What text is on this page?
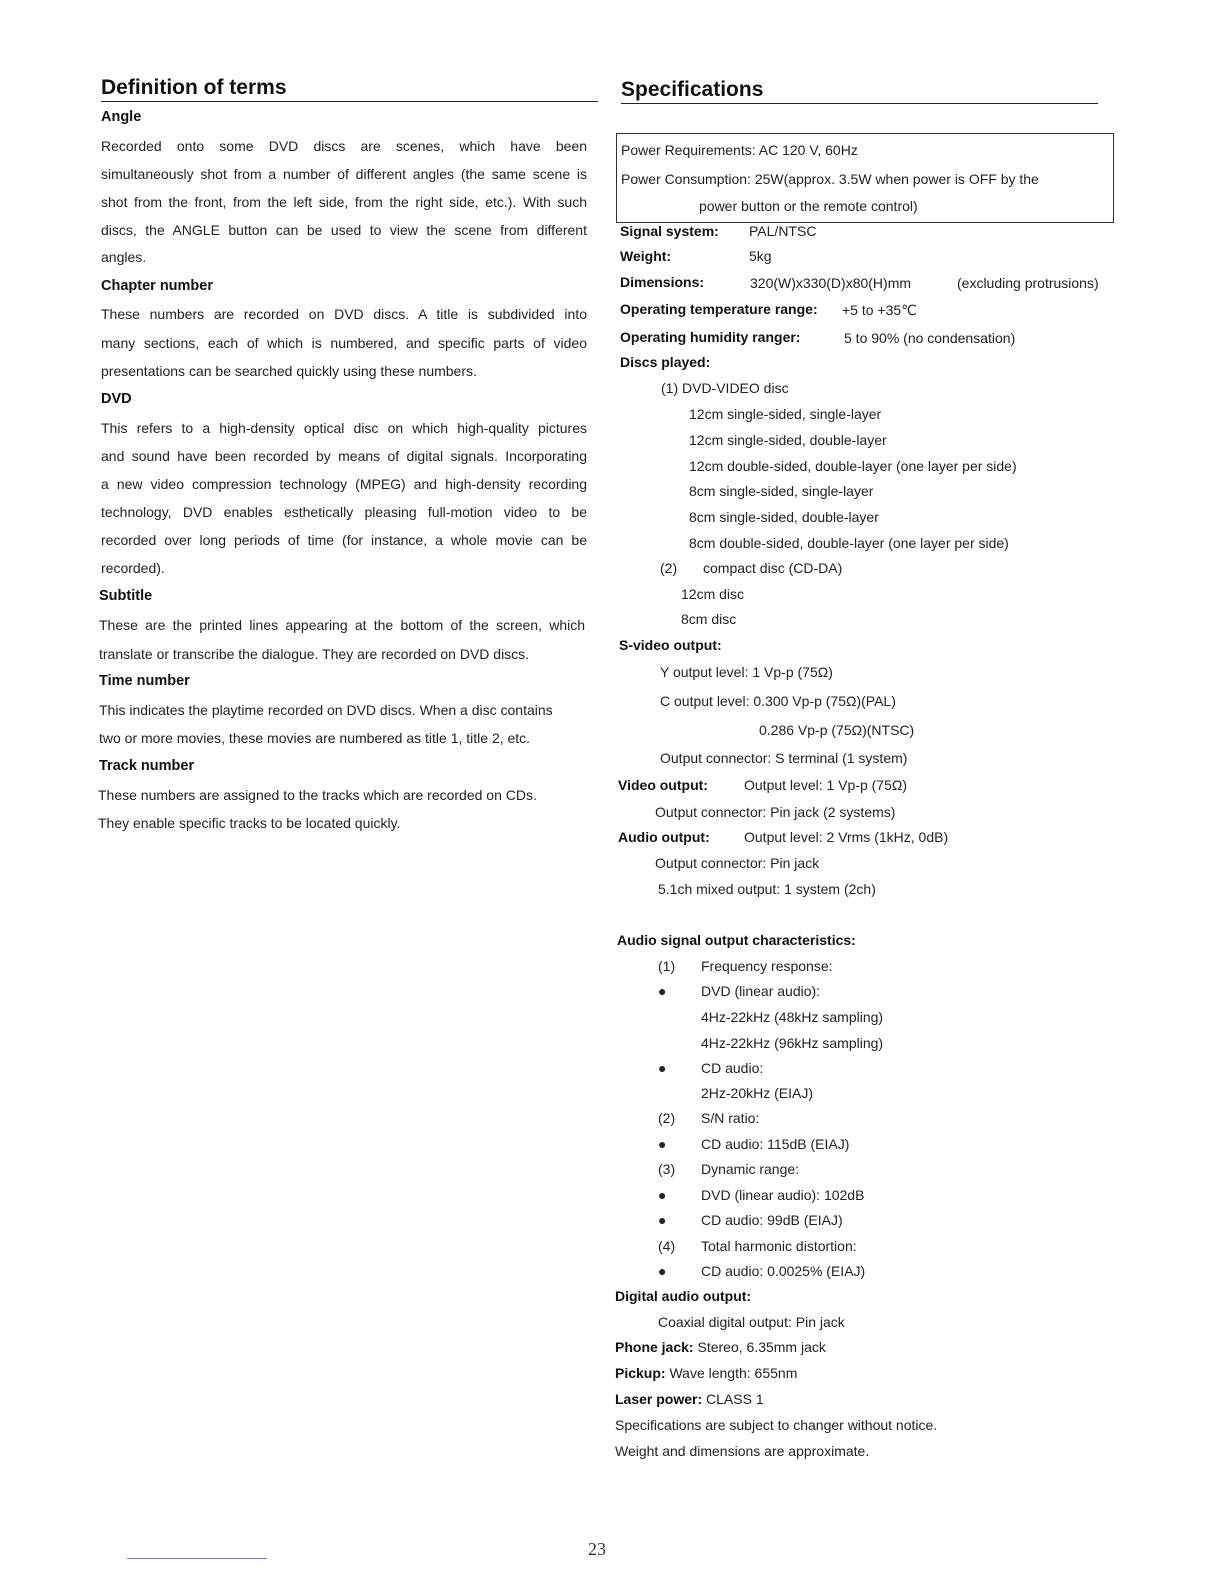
Definition of terms
Angle
Recorded onto some DVD discs are scenes, which have been
simultaneously shot from a number of different angles (the same scene is
shot from the front, from the left side, from the right side, etc.). With such
discs, the ANGLE button can be used to view the scene from different
angles.
Chapter number
These numbers are recorded on DVD discs. A title is subdivided into
many sections, each of which is numbered, and specific parts of video
presentations can be searched quickly using these numbers.
DVD
This refers to a high-density optical disc on which high-quality pictures
and sound have been recorded by means of digital signals. Incorporating
a new video compression technology (MPEG) and high-density recording
technology, DVD enables esthetically pleasing full-motion video to be
recorded over long periods of time (for instance, a whole movie can be
recorded).
Subtitle
These are the printed lines appearing at the bottom of the screen, which
translate or transcribe the dialogue. They are recorded on DVD discs.
Time number
This indicates the playtime recorded on DVD discs. When a disc contains
two or more movies, these movies are numbered as title 1, title 2, etc.
Track number
These numbers are assigned to the tracks which are recorded on CDs.
They enable specific tracks to be located quickly.
Specifications
Power Requirements: AC 120 V, 60Hz
Power Consumption: 25W(approx. 3.5W when power is OFF by the
power button or the remote control)
Signal system: PAL/NTSC
Weight:	5kg
Dimensions:	320(W)x330(D)x80(H)mm	(excluding protrusions)
Operating temperature range: +5 to +35℃
Operating humidity ranger:	5 to 90% (no condensation)
Discs played:
(1) DVD-VIDEO disc
12cm single-sided, single-layer
12cm single-sided, double-layer
12cm double-sided, double-layer (one layer per side)
8cm single-sided, single-layer
8cm single-sided, double-layer
8cm double-sided, double-layer (one layer per side)
(2) compact disc (CD-DA)
12cm disc
8cm disc
S-video output:
Y output level: 1 Vp-p (75Ω)
C output level: 0.300 Vp-p (75Ω)(PAL)
0.286 Vp-p (75Ω)(NTSC)
Output connector: S terminal (1 system)
Video output:	Output level: 1 Vp-p (75Ω)
Output connector: Pin jack (2 systems)
Audio output: Output level: 2 Vrms (1kHz, 0dB)
Output connector: Pin jack
5.1ch mixed output: 1 system (2ch)
Audio signal output characteristics:
(1) Frequency response:
● DVD (linear audio):
4Hz-22kHz (48kHz sampling)
4Hz-22kHz (96kHz sampling)
● CD audio:
2Hz-20kHz (EIAJ)
(2) S/N ratio:
● CD audio: 115dB (EIAJ)
(3) Dynamic range:
● DVD (linear audio): 102dB
● CD audio: 99dB (EIAJ)
(4) Total harmonic distortion:
● CD audio: 0.0025% (EIAJ)
Digital audio output:
Coaxial digital output: Pin jack
Phone jack: Stereo, 6.35mm jack
Pickup: Wave length: 655nm
Laser power: CLASS 1
Specifications are subject to changer without notice.
Weight and dimensions are approximate.
23
